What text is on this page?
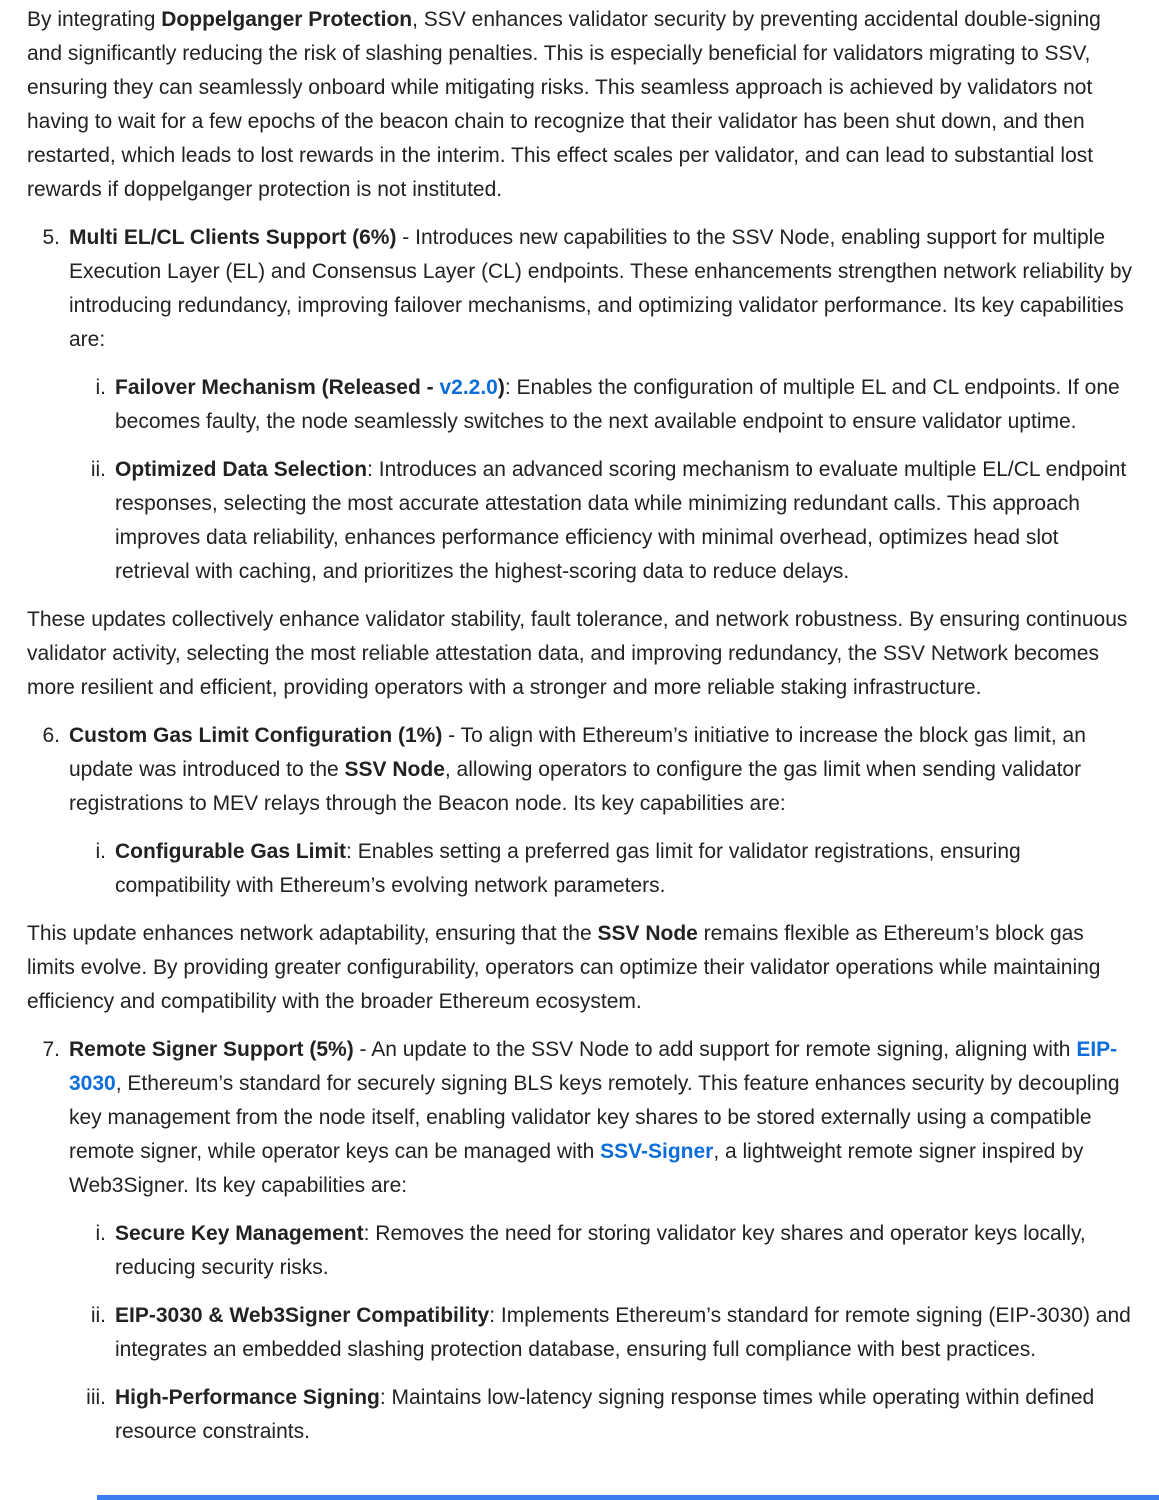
By integrating Doppelganger Protection, SSV enhances validator security by preventing accidental double-signing and significantly reducing the risk of slashing penalties. This is especially beneficial for validators migrating to SSV, ensuring they can seamlessly onboard while mitigating risks. This seamless approach is achieved by validators not having to wait for a few epochs of the beacon chain to recognize that their validator has been shut down, and then restarted, which leads to lost rewards in the interim. This effect scales per validator, and can lead to substantial lost rewards if doppelganger protection is not instituted.

5. Multi EL/CL Clients Support (6%) - Introduces new capabilities to the SSV Node, enabling support for multiple Execution Layer (EL) and Consensus Layer (CL) endpoints. These enhancements strengthen network reliability by introducing redundancy, improving failover mechanisms, and optimizing validator performance. Its key capabilities are:
i. Failover Mechanism (Released - v2.2.0): Enables the configuration of multiple EL and CL endpoints. If one becomes faulty, the node seamlessly switches to the next available endpoint to ensure validator uptime.
ii. Optimized Data Selection: Introduces an advanced scoring mechanism to evaluate multiple EL/CL endpoint responses, selecting the most accurate attestation data while minimizing redundant calls. This approach improves data reliability, enhances performance efficiency with minimal overhead, optimizes head slot retrieval with caching, and prioritizes the highest-scoring data to reduce delays.

These updates collectively enhance validator stability, fault tolerance, and network robustness. By ensuring continuous validator activity, selecting the most reliable attestation data, and improving redundancy, the SSV Network becomes more resilient and efficient, providing operators with a stronger and more reliable staking infrastructure.

6. Custom Gas Limit Configuration (1%) - To align with Ethereum’s initiative to increase the block gas limit, an update was introduced to the SSV Node, allowing operators to configure the gas limit when sending validator registrations to MEV relays through the Beacon node. Its key capabilities are:
i. Configurable Gas Limit: Enables setting a preferred gas limit for validator registrations, ensuring compatibility with Ethereum’s evolving network parameters.

This update enhances network adaptability, ensuring that the SSV Node remains flexible as Ethereum’s block gas limits evolve. By providing greater configurability, operators can optimize their validator operations while maintaining efficiency and compatibility with the broader Ethereum ecosystem.

7. Remote Signer Support (5%) - An update to the SSV Node to add support for remote signing, aligning with EIP-3030, Ethereum’s standard for securely signing BLS keys remotely. This feature enhances security by decoupling key management from the node itself, enabling validator key shares to be stored externally using a compatible remote signer, while operator keys can be managed with SSV-Signer, a lightweight remote signer inspired by Web3Signer. Its key capabilities are:
i. Secure Key Management: Removes the need for storing validator key shares and operator keys locally, reducing security risks.
ii. EIP-3030 & Web3Signer Compatibility: Implements Ethereum’s standard for remote signing (EIP-3030) and integrates an embedded slashing protection database, ensuring full compliance with best practices.
iii. High-Performance Signing: Maintains low-latency signing response times while operating within defined resource constraints.
